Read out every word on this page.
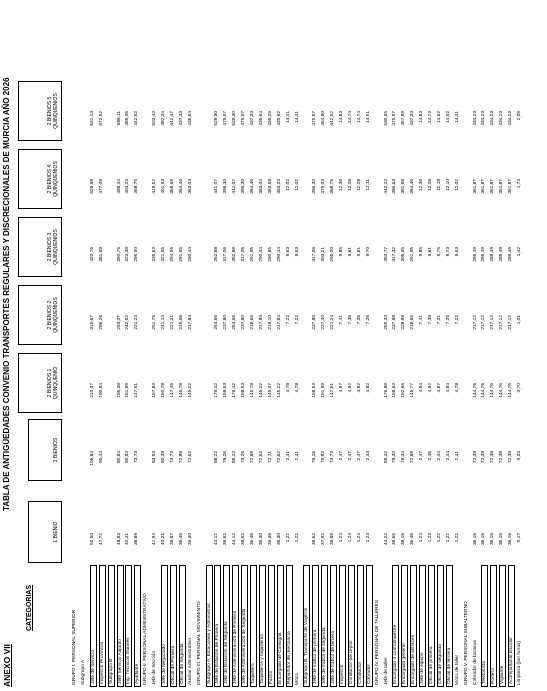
ANEXO VII
TABLA DE ANTIGÜEDADES CONVENIO TRANSPORTES REGULARES Y DISCRECIONALES DE MURCIA AÑO 2026
CATEGORIAS
1 BIENIO
2 BIENIOS
2 BIENIOS 1 QUINQUENIO
2 BIENIOS 2 QUINQUENIOS
2 BIENIOS 3 QUINQUENIOS
2 BIENIOS 4 QUINQUENIOS
2 BIENIOS 5 QUINQUENIOS
GRUPO I. PERSONAL SUPERIOR Subgrupo A Jefe de Servicio
52,50
105,84
210,37
315,67
420,76
525,98
631,13
Inspector Provincial
47,72
95,43
190,84
286,26
381,69
477,09
572,52
Subgrupo B Jefe Servicio Adjunto
48,83
80,84
195,38
293,07
390,75
488,44
586,11
Ing. Técnicos titulares
40,41
80,83
161,69
242,52
323,38
404,23
485,06
Ayudante
36,89
73,73
147,51
221,24
295,00
368,75
442,52
GRUPO II. PERSONAL ADMINISTRATIVO Jefe de Sección
41,94
83,93
167,83
251,75
335,63
419,52
503,43
Jefe de Negociado
40,21
80,39
160,78
241,14
321,55
401,93
482,34
Oficial de Primera
36,87
73,73
147,46
221,21
294,96
368,69
442,47
Oficial de Segunda
36,46
72,88
145,78
218,66
291,55
364,46
437,33
Auxiliar Administrativo
36,30
72,62
145,22
217,84
290,44
363,04
435,64
GRUPO III. PERSONAL MOVIMIENTO Subgrupo A: Estaciones y Administrac. Jefe de Estación de Primera
44,12
88,22
176,42
264,66
352,88
441,07
529,30
Jefe de Estación de Segunda
39,62
79,26
158,53
237,80
317,06
396,30
475,57
Jefe de Administración de Primera
44,12
88,22
176,42
264,66
352,88
441,07
529,30
Jefe de Administración de Segunda
39,62
79,26
158,53
237,80
317,06
396,30
475,57
Taquillero
36,46
72,88
145,78
218,66
291,55
364,46
437,33
Taquilleros y taquilleras
36,30
72,62
145,22
217,84
290,44
363,04
435,64
Factor
36,36
72,71
145,37
218,10
290,85
363,58
436,29
Encargado de Consigna
36,30
72,62
145,22
217,84
290,44
363,04
435,62
Repartidor de mercancía
1,22
2,41
4,78
7,22
9,63
12,02
14,41
Mozo
1,22
2,41
4,78
7,22
9,63
12,02
14,41
Subgrupo B. Transporte de Viajeros Jefe de tráfico de primera
39,62
79,26
158,53
237,80
317,06
396,30
475,57
Jefe de tráfico de segunda
37,92
75,82
151,59
227,40
303,21
379,03
454,80
Jefe de tráfico de tercera
36,89
73,73
147,51
221,24
295,00
368,75
442,52
Inspector
1,24
2,47
4,97
7,41
9,85
12,36
14,83
Conductor-perceptor
1,24
2,47
4,92
7,36
9,81
12,28
14,74
Conductor
1,24
2,47
4,92
7,36
9,81
12,28
14,74
Cobrador
1,23
2,43
4,82
7,26
9,70
12,11
14,51
GRUPO IV. PERSONAL DE TALLERES Jefe de taller
44,22
88,42
176,88
265,33
353,77
442,22
530,65
Encargado o contramaestre
39,66
79,30
158,63
237,98
317,32
396,63
475,97
Encargado general
38,16
76,34
152,66
228,99
305,35
381,68
457,99
Encargado de almacén
36,46
72,88
145,77
218,65
291,55
364,46
437,33
Jefe de equipo
1,24
2,47
4,94
7,41
9,85
12,36
14,83
Oficial de primera
1,23
2,46
4,92
7,38
9,81
12,28
14,73
Oficial de segunda
1,22
2,44
4,87
7,31
9,75
12,18
14,62
Oficial de tercera
1,22
2,44
4,84
7,25
9,73
12,10
14,52
Mozo de taller
1,22
2,41
4,78
7,22
9,63
12,02
14,41
GRUPO V. PERSONAL SUBALTERNO Cobrador de facturas
36,16
72,38
144,76
217,12
289,49
361,87
434,23
Telefonista
36,16
72,38
144,76
217,12
289,49
361,87
434,23
Portero
36,16
72,38
144,76
217,12
289,49
361,87
434,23
Vigilante
36,16
72,38
144,76
217,12
289,49
361,87
434,23
Acompañante Escolar
36,16
72,38
144,76
217,12
289,49
361,87
434,23
Limpieza (por horas)
0,17
0,33
0,70
1,01
1,42
1,74
2,09
